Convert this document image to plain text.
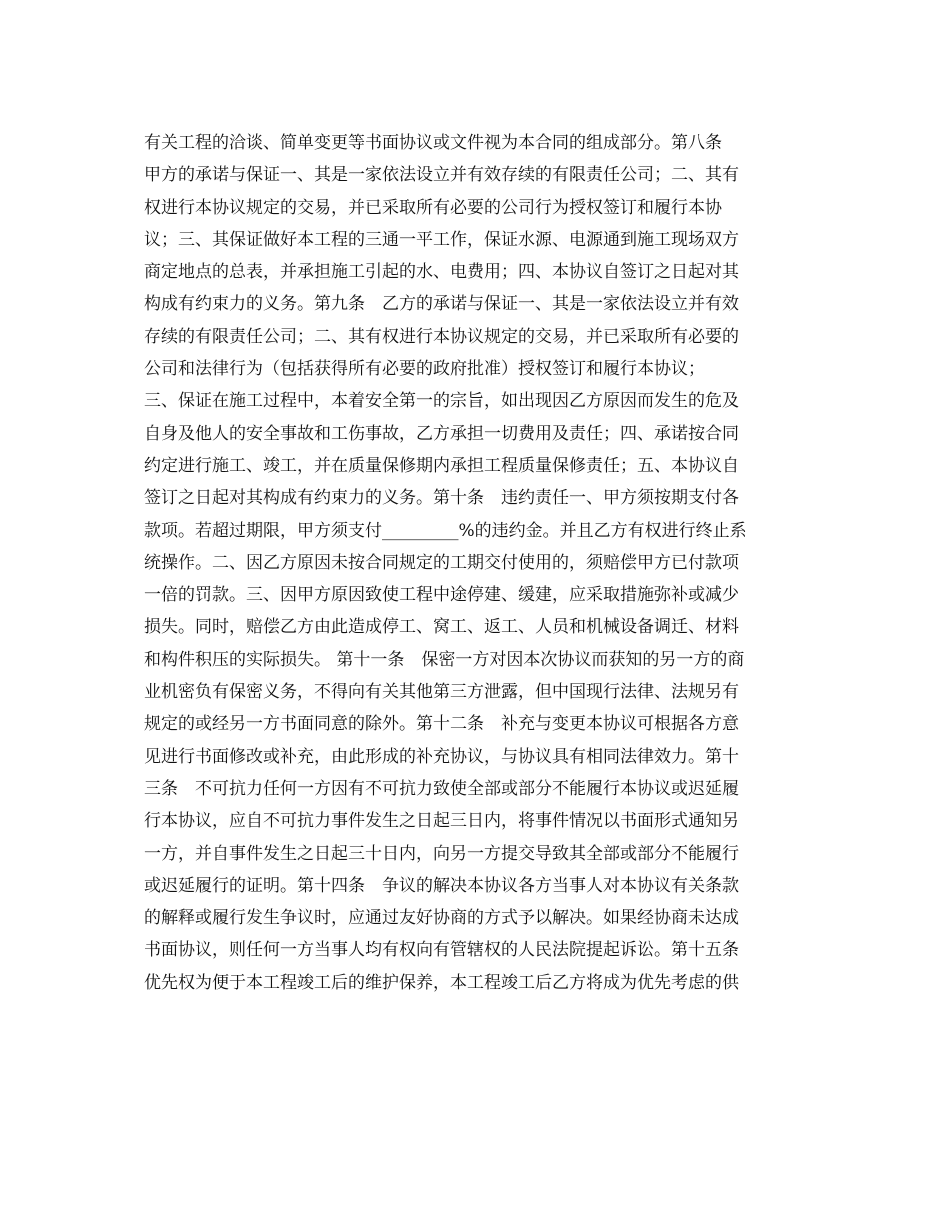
有关工程的洽谈、简单变更等书面协议或文件视为本合同的组成部分。第八条
甲方的承诺与保证一、其是一家依法设立并有效存续的有限责任公司；二、其有
权进行本协议规定的交易，并已采取所有必要的公司行为授权签订和履行本协
议；三、其保证做好本工程的三通一平工作，保证水源、电源通到施工现场双方
商定地点的总表，并承担施工引起的水、电费用；四、本协议自签订之日起对其
构成有约束力的义务。第九条　乙方的承诺与保证一、其是一家依法设立并有效
存续的有限责任公司；二、其有权进行本协议规定的交易，并已采取所有必要的
公司和法律行为（包括获得所有必要的政府批准）授权签订和履行本协议；
三、保证在施工过程中，本着安全第一的宗旨，如出现因乙方原因而发生的危及
自身及他人的安全事故和工伤事故，乙方承担一切费用及责任；四、承诺按合同
约定进行施工、竣工，并在质量保修期内承担工程质量保修责任；五、本协议自
签订之日起对其构成有约束力的义务。第十条　违约责任一、甲方须按期支付各
款项。若超过期限，甲方须支付_________%的违约金。并且乙方有权进行终止系
统操作。二、因乙方原因未按合同规定的工期交付使用的，须赔偿甲方已付款项
一倍的罚款。三、因甲方原因致使工程中途停建、缓建，应采取措施弥补或减少
损失。同时，赔偿乙方由此造成停工、窝工、返工、人员和机械设备调迁、材料
和构件积压的实际损失。 第十一条　保密一方对因本次协议而获知的另一方的商
业机密负有保密义务，不得向有关其他第三方泄露，但中国现行法律、法规另有
规定的或经另一方书面同意的除外。第十二条　补充与变更本协议可根据各方意
见进行书面修改或补充，由此形成的补充协议，与协议具有相同法律效力。第十
三条　不可抗力任何一方因有不可抗力致使全部或部分不能履行本协议或迟延履
行本协议，应自不可抗力事件发生之日起三日内，将事件情况以书面形式通知另
一方，并自事件发生之日起三十日内，向另一方提交导致其全部或部分不能履行
或迟延履行的证明。第十四条　争议的解决本协议各方当事人对本协议有关条款
的解释或履行发生争议时，应通过友好协商的方式予以解决。如果经协商未达成
书面协议，则任何一方当事人均有权向有管辖权的人民法院提起诉讼。第十五条
优先权为便于本工程竣工后的维护保养，本工程竣工后乙方将成为优先考虑的供
